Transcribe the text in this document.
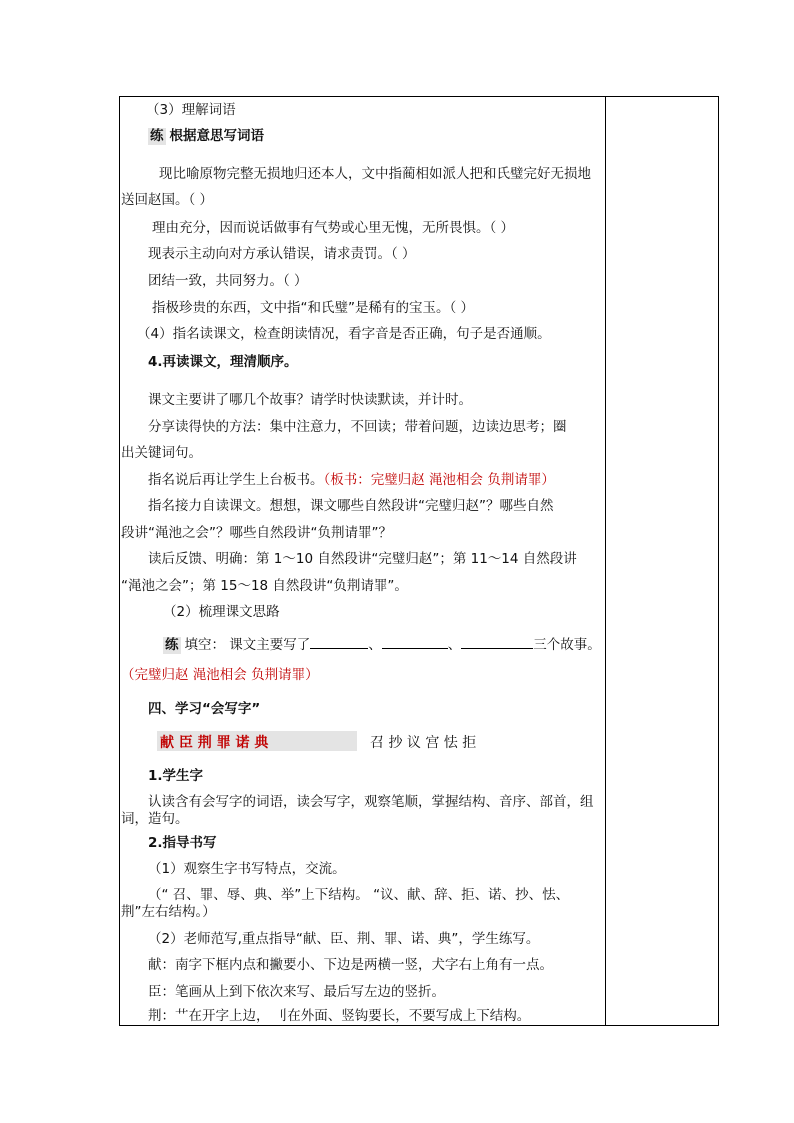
（3）理解词语
练 根据意思写词语
现比喻原物完整无损地归还本人，文中指蔺相如派人把和氏璧完好无损地
送回赵国。（ ）
理由充分，因而说话做事有气势或心里无愧，无所畏惧。（ ）
现表示主动向对方承认错误，请求责罚。（ ）
团结一致，共同努力。（ ）
指极珍贵的东西，文中指“和氏璧”是稀有的宝玉。（ ）
（4）指名读课文，检查朗读情况，看字音是否正确，句子是否通顺。
4.再读课文，理清顺序。
课文主要讲了哪几个故事？请学时快读默读，并计时。
分享读得快的方法：集中注意力，不回读；带着问题，边读边思考；圈
出关键词句。
指名说后再让学生上台板书。（板书：完璧归赵 渑池相会 负荆请罪）
指名接力自读课文。想想，课文哪些自然段讲“完璧归赵”？哪些自然
段讲“渑池之会”？哪些自然段讲“负荆请罪”？
读后反馈、明确：第 1～10 自然段讲“完璧归赵”；第 11～14 自然段讲
“渑池之会”；第 15～18 自然段讲“负荆请罪”。
（2）梳理课文思路
练 填空： 课文主要写了	、	、	三个故事。
（完璧归赵 渑池相会 负荆请罪）
四、学习“会写字”
献 臣 荆 罪 诺 典	召 抄 议 宫 怯 拒
1.学生字
认读含有会写字的词语，读会写字，观察笔顺，掌握结构、音序、部首，组
词，造句。
2.指导书写
（1）观察生字书写特点，交流。
（“ 召、罪、辱、典、举”上下结构。 “议、献、辞、拒、诺、抄、怯、
荆”左右结构。）
（2）老师范写,重点指导“献、臣、荆、罪、诺、典”，学生练写。
献：南字下框内点和撇要小、下边是两横一竖，犬字右上角有一点。
臣：笔画从上到下依次来写、最后写左边的竖折。
荆：艹在开字上边， 刂在外面、竖钩要长，不要写成上下结构。
